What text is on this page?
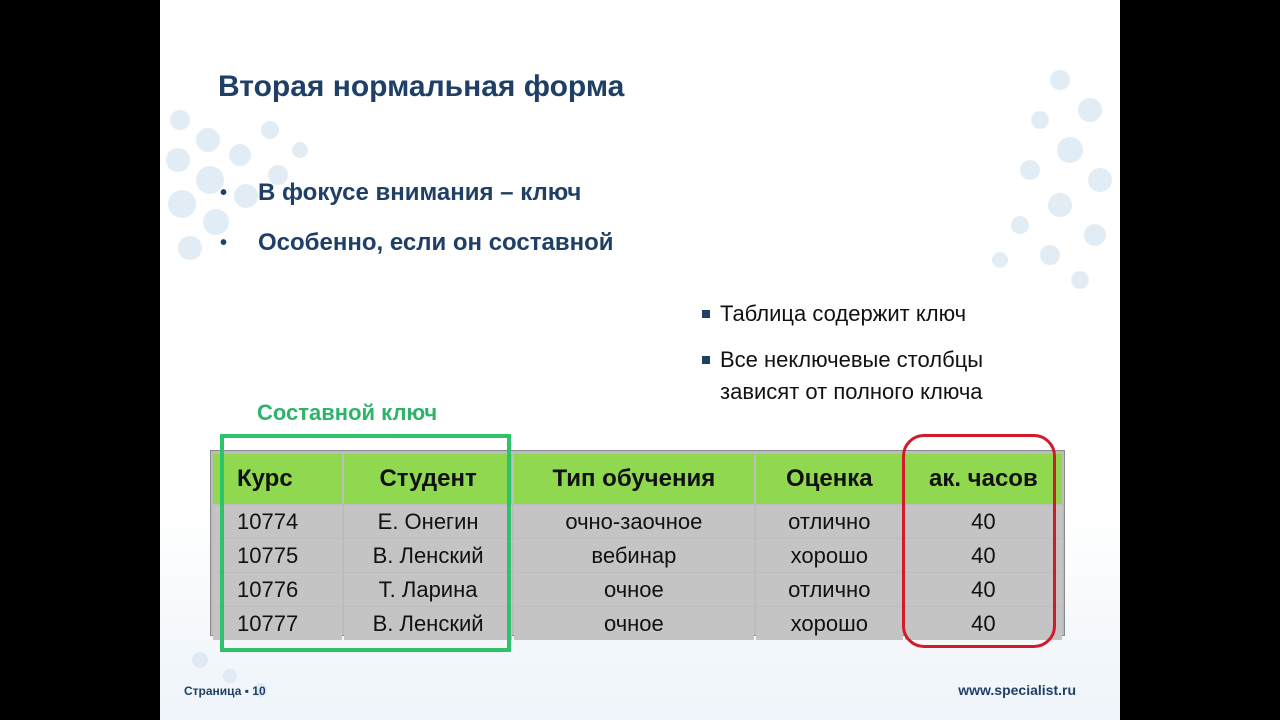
Вторая нормальная форма
•	В фокусе внимания – ключ
•	Особенно, если он составной
Таблица содержит ключ
Все неключевые столбцы зависят от полного ключа
Составной ключ
Курс	Студент	Тип обучения	Оценка	ак. часов
10774	Е. Онегин	очно-заочное	отлично	40
10775	В. Ленский	вебинар	хорошо	40
10776	Т. Ларина	очное	отлично	40
10777	В. Ленский	очное	хорошо	40
Страница ▪ 10	www.specialist.ru
